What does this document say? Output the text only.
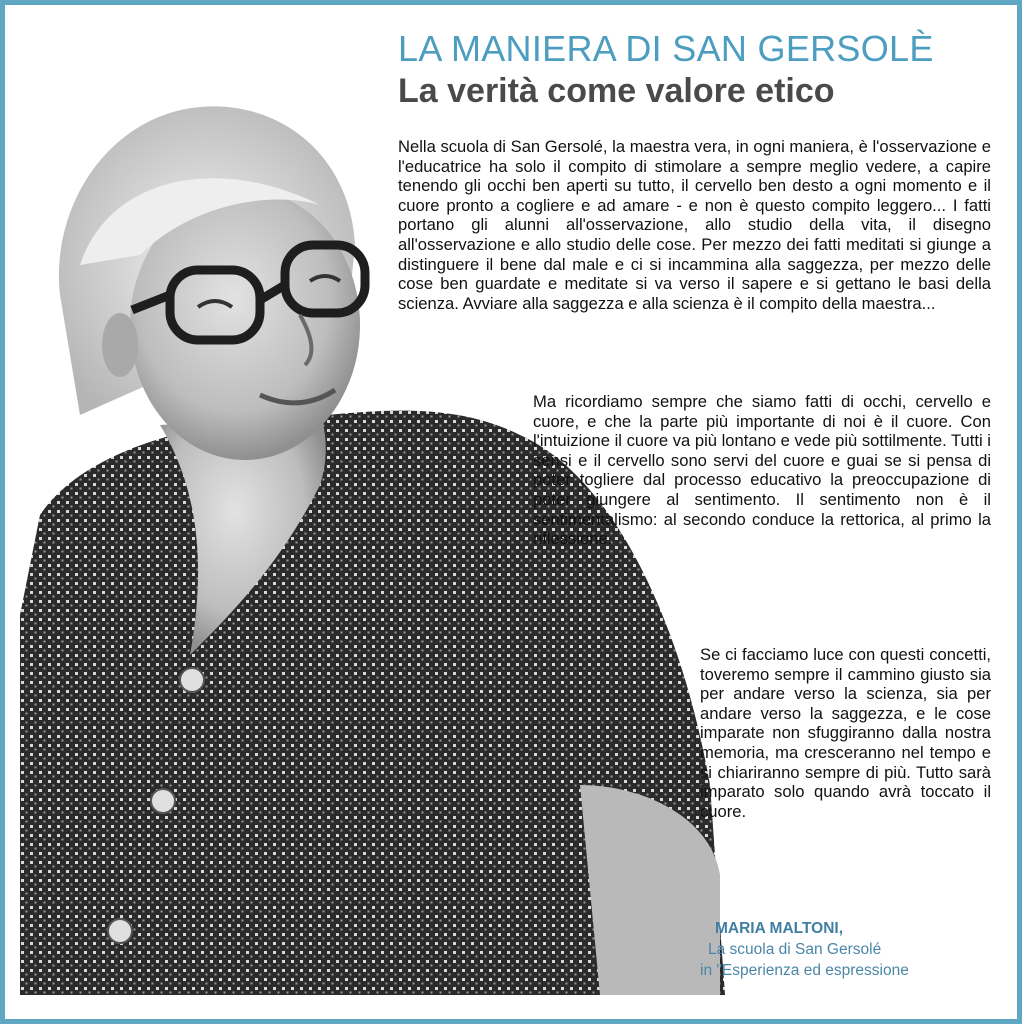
LA MANIERA DI SAN GERSOLÈ
La verità come valore etico

Nella scuola di San Gersolé, la maestra vera, in ogni maniera, è l'osservazione e l'educatrice ha solo il compito di stimolare a sempre meglio vedere, a capire tenendo gli occhi ben aperti su tutto, il cervello ben desto a ogni momento e il cuore pronto a cogliere e ad amare - e non è questo compito leggero... I fatti portano gli alunni all'osservazione, allo studio della vita, il disegno all'osservazione e allo studio delle cose. Per mezzo dei fatti meditati si giunge a distinguere il bene dal male e ci si incammina alla saggezza, per mezzo delle cose ben guardate e meditate si va verso il sapere e si gettano le basi della scienza. Avviare alla saggezza e alla scienza è il compito della maestra...

Ma ricordiamo sempre che siamo fatti di occhi, cervello e cuore, e che la parte più importante di noi è il cuore. Con l'intuizione il cuore va più lontano e vede più sottilmente. Tutti i sensi e il cervello sono servi del cuore e guai se si pensa di poter togliere dal processo educativo la preoccupazione di poter giungere al sentimento. Il sentimento non è il sentimentalismo: al secondo conduce la rettorica, al primo la riflessione.

Se ci facciamo luce con questi concetti, toveremo sempre il cammino giusto sia per andare verso la scienza, sia per andare verso la saggezza, e le cose imparate non sfuggiranno dalla nostra memoria, ma cresceranno nel tempo e si chiariranno sempre di più. Tutto sarà imparato solo quando avrà toccato il cuore.

MARIA MALTONI,
La scuola di San Gersolé
in "Esperienza ed espressione
